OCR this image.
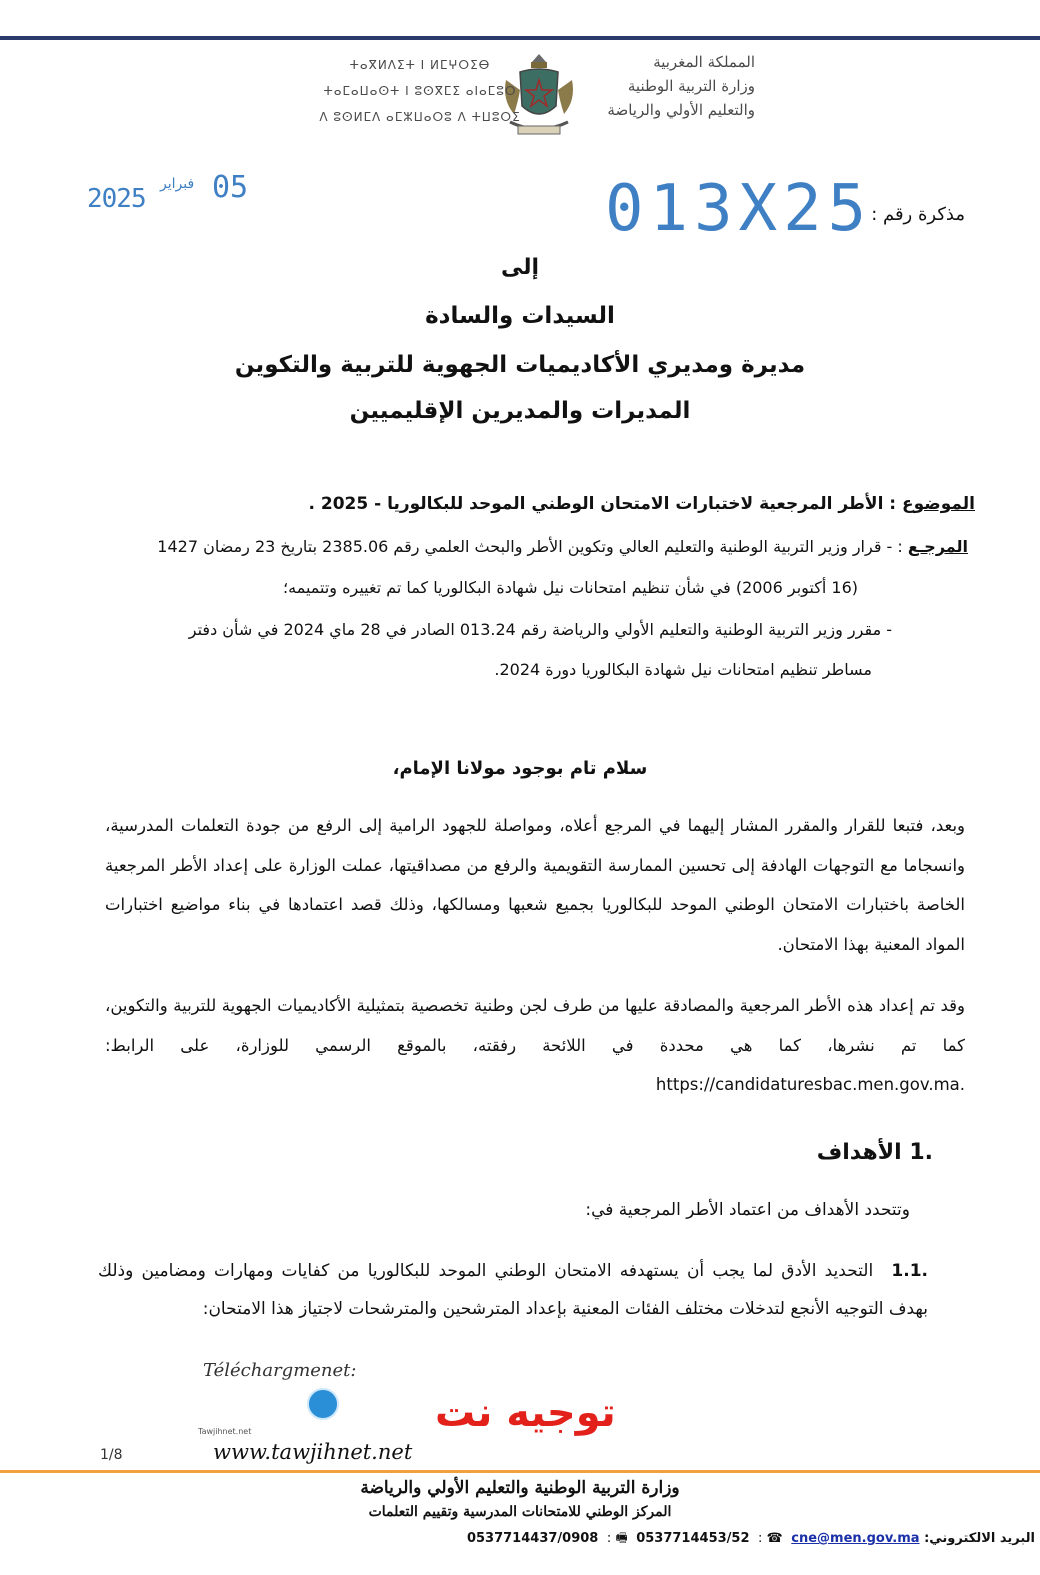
المملكة المغربية
وزارة التربية الوطنية
والتعليم الأولي والرياضة
ⵜⴰⴳⵍⴷⵉⵜ ⵏ ⵍⵎⵖⵔⵉⴱ
ⵜⴰⵎⴰⵡⴰⵙⵜ ⵏ ⵓⵙⴳⵎⵉ ⴰⵏⴰⵎⵓⵔ
ⴷ ⵓⵙⵍⵎⴷ ⴰⵎⵣⵡⴰⵔⵓ ⴷ ⵜⵡⵓⵔⵉ
2025 فبراير 05
مذكرة رقم :
013X25
إلى
السيدات والسادة
مديرة ومديري الأكاديميات الجهوية للتربية والتكوين
المديرات والمديرين الإقليميين
الموضوع : الأطر المرجعية لاختبارات الامتحان الوطني الموحد للبكالوريا - 2025 .
المرجـع : - قرار وزير التربية الوطنية والتعليم العالي وتكوين الأطر والبحث العلمي رقم 2385.06 بتاريخ 23 رمضان 1427
(16 أكتوبر 2006) في شأن تنظيم امتحانات نيل شهادة البكالوريا كما تم تغييره وتتميمه؛
- مقرر وزير التربية الوطنية والتعليم الأولي والرياضة رقم 013.24 الصادر في 28 ماي 2024 في شأن دفتر
مساطر تنظيم امتحانات نيل شهادة البكالوريا دورة 2024.
سلام تام بوجود مولانا الإمام،
وبعد، فتبعا للقرار والمقرر المشار إليهما في المرجع أعلاه، ومواصلة للجهود الرامية إلى الرفع من جودة التعلمات المدرسية، وانسجاما مع التوجهات الهادفة إلى تحسين الممارسة التقويمية والرفع من مصداقيتها، عملت الوزارة على إعداد الأطر المرجعية الخاصة باختبارات الامتحان الوطني الموحد للبكالوريا بجميع شعبها ومسالكها، وذلك قصد اعتمادها في بناء مواضيع اختبارات المواد المعنية بهذا الامتحان.
وقد تم إعداد هذه الأطر المرجعية والمصادقة عليها من طرف لجن وطنية تخصصية بتمثيلية الأكاديميات الجهوية للتربية والتكوين، كما تم نشرها، كما هي محددة في اللائحة رفقته، بالموقع الرسمي للوزارة، على الرابط: https://candidaturesbac.men.gov.ma.
.1 الأهداف
وتتحدد الأهداف من اعتماد الأطر المرجعية في:
.1.1 التحديد الأدق لما يجب أن يستهدفه الامتحان الوطني الموحد للبكالوريا من كفايات ومهارات ومضامين وذلك بهدف التوجيه الأنجع لتدخلات مختلف الفئات المعنية بإعداد المترشحين والمترشحات لاجتياز هذا الامتحان:
Téléchargmenet:
توجيه نت
Tawjihnet.net
www.tawjihnet.net
1/8
وزارة التربية الوطنية والتعليم الأولي والرياضة
المركز الوطني للامتحانات المدرسية وتقييم التعلمات
البريد الالكتروني: cne@men.gov.ma ☎ : 0537714453/52 🖷 : 0537714437/0908
